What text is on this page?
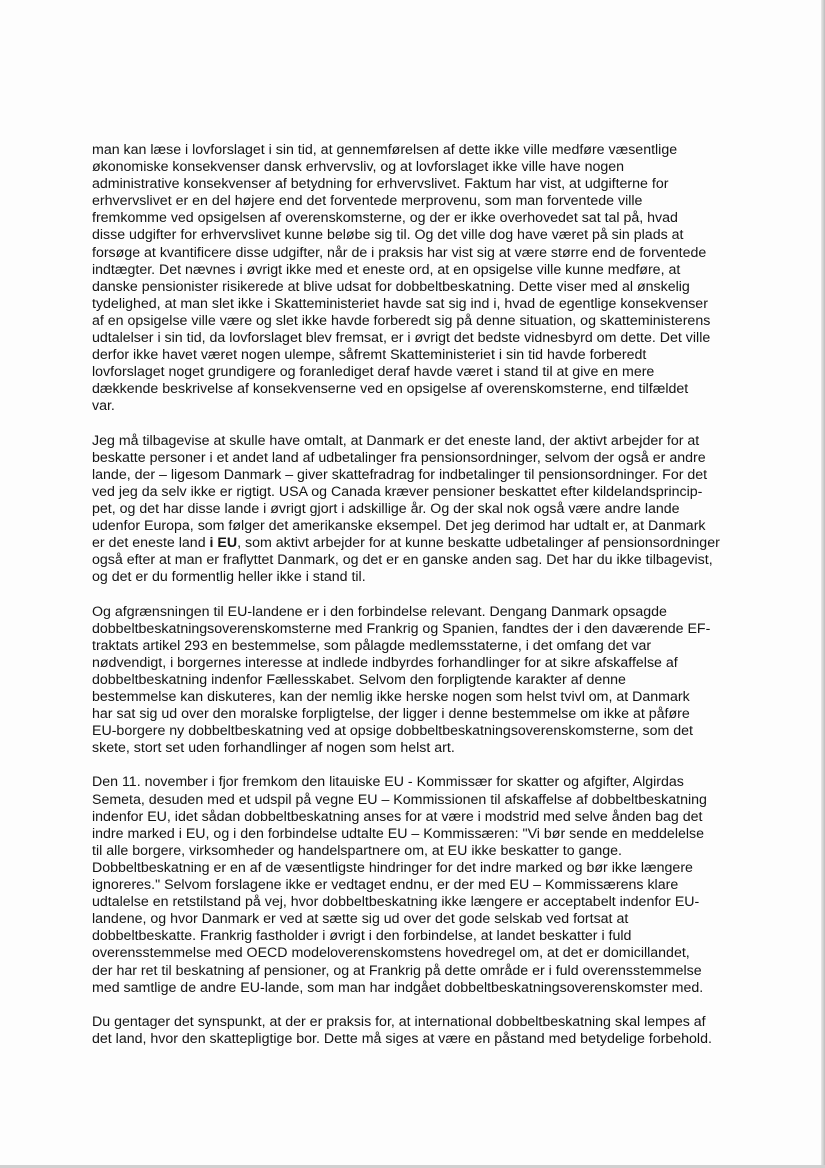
man kan læse i lovforslaget i sin tid, at gennemførelsen af dette ikke ville medføre væsentlige
økonomiske konsekvenser dansk erhvervsliv, og at lovforslaget ikke ville have nogen
administrative konsekvenser af betydning for erhvervslivet. Faktum har vist, at udgifterne for
erhvervslivet er en del højere end det forventede merprovenu, som man forventede ville
fremkomme ved opsigelsen af overenskomsterne, og der er ikke overhovedet sat tal på, hvad
disse udgifter for erhvervslivet kunne beløbe sig til. Og det ville dog have været på sin plads at
forsøge at kvantificere disse udgifter, når de i praksis har vist sig at være større end de forventede
indtægter. Det nævnes i øvrigt ikke med et eneste ord, at en opsigelse ville kunne medføre, at
danske pensionister risikerede at blive udsat for dobbeltbeskatning. Dette viser med al ønskelig
tydelighed, at man slet ikke i Skatteministeriet havde sat sig ind i, hvad de egentlige konsekvenser
af en opsigelse ville være og slet ikke havde forberedt sig på denne situation, og skatteministerens
udtalelser i sin tid, da lovforslaget blev fremsat, er i øvrigt det bedste vidnesbyrd om dette. Det ville
derfor ikke havet været nogen ulempe, såfremt Skatteministeriet i sin tid havde forberedt
lovforslaget noget grundigere og foranlediget deraf havde været i stand til at give en mere
dækkende beskrivelse af konsekvenserne ved en opsigelse af overenskomsterne, end tilfældet
var.

Jeg må tilbagevise at skulle have omtalt, at Danmark er det eneste land, der aktivt arbejder for at
beskatte personer i et andet land af udbetalinger fra pensionsordninger, selvom der også er andre
lande, der – ligesom Danmark – giver skattefradrag for indbetalinger til pensionsordninger. For det
ved jeg da selv ikke er rigtigt. USA og Canada kræver pensioner beskattet efter kildelandsprincip-
pet, og det har disse lande i øvrigt gjort i adskillige år. Og der skal nok også være andre lande
udenfor Europa, som følger det amerikanske eksempel. Det jeg derimod har udtalt er, at Danmark
er det eneste land i EU, som aktivt arbejder for at kunne beskatte udbetalinger af pensionsordninger
også efter at man er fraflyttet Danmark, og det er en ganske anden sag. Det har du ikke tilbagevist,
og det er du formentlig heller ikke i stand til.

Og afgrænsningen til EU-landene er i den forbindelse relevant. Dengang Danmark opsagde
dobbeltbeskatningsoverenskomsterne med Frankrig og Spanien, fandtes der i den daværende EF-
traktats artikel 293 en bestemmelse, som pålagde medlemsstaterne, i det omfang det var
nødvendigt, i borgernes interesse at indlede indbyrdes forhandlinger for at sikre afskaffelse af
dobbeltbeskatning indenfor Fællesskabet. Selvom den forpligtende karakter af denne
bestemmelse kan diskuteres, kan der nemlig ikke herske nogen som helst tvivl om, at Danmark
har sat sig ud over den moralske forpligtelse, der ligger i denne bestemmelse om ikke at påføre
EU-borgere ny dobbeltbeskatning ved at opsige dobbeltbeskatningsoverenskomsterne, som det
skete, stort set uden forhandlinger af nogen som helst art.

Den 11. november i fjor fremkom den litauiske EU - Kommissær for skatter og afgifter, Algirdas
Semeta, desuden med et udspil på vegne EU – Kommissionen til afskaffelse af dobbeltbeskatning
indenfor EU, idet sådan dobbeltbeskatning anses for at være i modstrid med selve ånden bag det
indre marked i EU, og i den forbindelse udtalte EU – Kommissæren: "Vi bør sende en meddelelse
til alle borgere, virksomheder og handelspartnere om, at EU ikke beskatter to gange.
Dobbeltbeskatning er en af de væsentligste hindringer for det indre marked og bør ikke længere
ignoreres." Selvom forslagene ikke er vedtaget endnu, er der med EU – Kommissærens klare
udtalelse en retstilstand på vej, hvor dobbeltbeskatning ikke længere er acceptabelt indenfor EU-
landene, og hvor Danmark er ved at sætte sig ud over det gode selskab ved fortsat at
dobbeltbeskatte. Frankrig fastholder i øvrigt i den forbindelse, at landet beskatter i fuld
overensstemmelse med OECD modeloverenskomstens hovedregel om, at det er domicillandet,
der har ret til beskatning af pensioner, og at Frankrig på dette område er i fuld overensstemmelse
med samtlige de andre EU-lande, som man har indgået dobbeltbeskatningsoverenskomster med.

Du gentager det synspunkt, at der er praksis for, at international dobbeltbeskatning skal lempes af
det land, hvor den skattepligtige bor. Dette må siges at være en påstand med betydelige forbehold.
